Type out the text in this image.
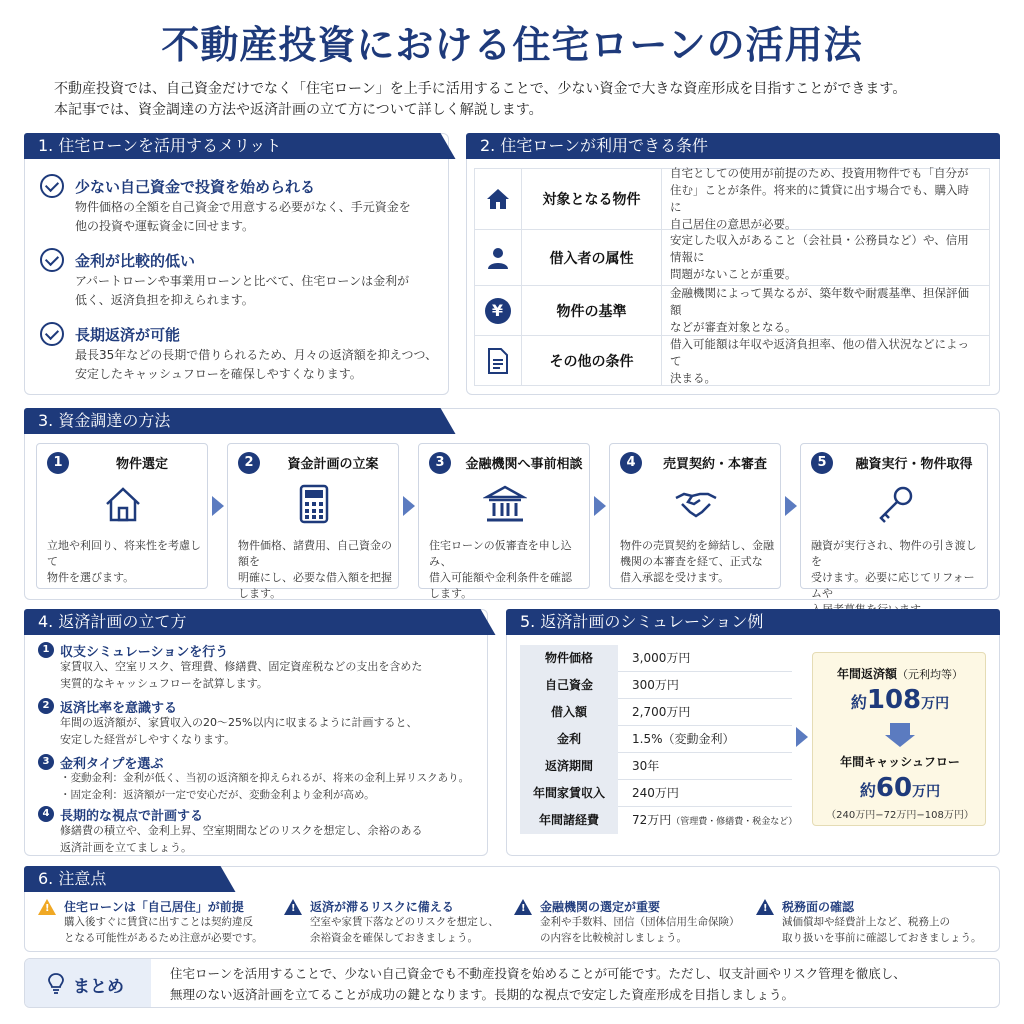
不動産投資における住宅ローンの活用法
不動産投資では、自己資金だけでなく「住宅ローン」を上手に活用することで、少ない資金で大きな資産形成を目指すことができます。
本記事では、資金調達の方法や返済計画の立て方について詳しく解説します。
1. 住宅ローンを活用するメリット
少ない自己資金で投資を始められる
物件価格の全額を自己資金で用意する必要がなく、手元資金を
他の投資や運転資金に回せます。
金利が比較的低い
アパートローンや事業用ローンと比べて、住宅ローンは金利が
低く、返済負担を抑えられます。
長期返済が可能
最長35年などの長期で借りられるため、月々の返済額を抑えつつ、
安定したキャッシュフローを確保しやすくなります。
2. 住宅ローンが利用できる条件
対象となる物件
自宅としての使用が前提のため、投資用物件でも「自分が
住む」ことが条件。将来的に賃貸に出す場合でも、購入時に
自己居住の意思が必要。
借入者の属性
安定した収入があること（会社員・公務員など）や、信用情報に
問題がないことが重要。
¥	物件の基準
金融機関によって異なるが、築年数や耐震基準、担保評価額
などが審査対象となる。
その他の条件
借入可能額は年収や返済負担率、他の借入状況などによって
決まる。
3. 資金調達の方法
1	物件選定
立地や利回り、将来性を考慮して
物件を選びます。
2	資金計画の立案
物件価格、諸費用、自己資金の額を
明確にし、必要な借入額を把握
します。
3	金融機関へ事前相談
住宅ローンの仮審査を申し込み、
借入可能額や金利条件を確認
します。
4	売買契約・本審査
物件の売買契約を締結し、金融
機関の本審査を経て、正式な
借入承認を受けます。
5	融資実行・物件取得
融資が実行され、物件の引き渡しを
受けます。必要に応じてリフォームや
4. 返済計画の立て方
1 収支シミュレーションを行う
家賃収入、空室リスク、管理費、修繕費、固定資産税などの支出を含めた
実質的なキャッシュフローを試算します。
2 返済比率を意識する
年間の返済額が、家賃収入の20〜25%以内に収まるように計画すると、
安定した経営がしやすくなります。
3 金利タイプを選ぶ
・変動金利：金利が低く、当初の返済額を抑えられるが、将来の金利上昇リスクあり。
・固定金利：返済額が一定で安心だが、変動金利より金利が高め。
4 長期的な視点で計画する
修繕費の積立や、金利上昇、空室期間などのリスクを想定し、余裕のある
返済計画を立てましょう。
5. 返済計画のシミュレーション例
物件価格	3,000万円
自己資金	300万円
借入額	2,700万円
金利	1.5%（変動金利）
返済期間	30年
年間家賃収入	240万円
年間諸経費	72万円（管理費・修繕費・税金など）
年間返済額（元利均等）
約108万円
年間キャッシュフロー
約60万円
（240万円−72万円−108万円）
6. 注意点
! 住宅ローンは「自己居住」が前提
購入後すぐに賃貸に出すことは契約違反
となる可能性があるため注意が必要です。
! 返済が滞るリスクに備える
空室や家賃下落などのリスクを想定し、
余裕資金を確保しておきましょう。
! 金融機関の選定が重要
金利や手数料、団信（団体信用生命保険）
の内容を比較検討しましょう。
! 税務面の確認
減価償却や経費計上など、税務上の
取り扱いを事前に確認しておきましょう。
まとめ
住宅ローンを活用することで、少ない自己資金でも不動産投資を始めることが可能です。ただし、収支計画やリスク管理を徹底し、
無理のない返済計画を立てることが成功の鍵となります。長期的な視点で安定した資産形成を目指しましょう。
